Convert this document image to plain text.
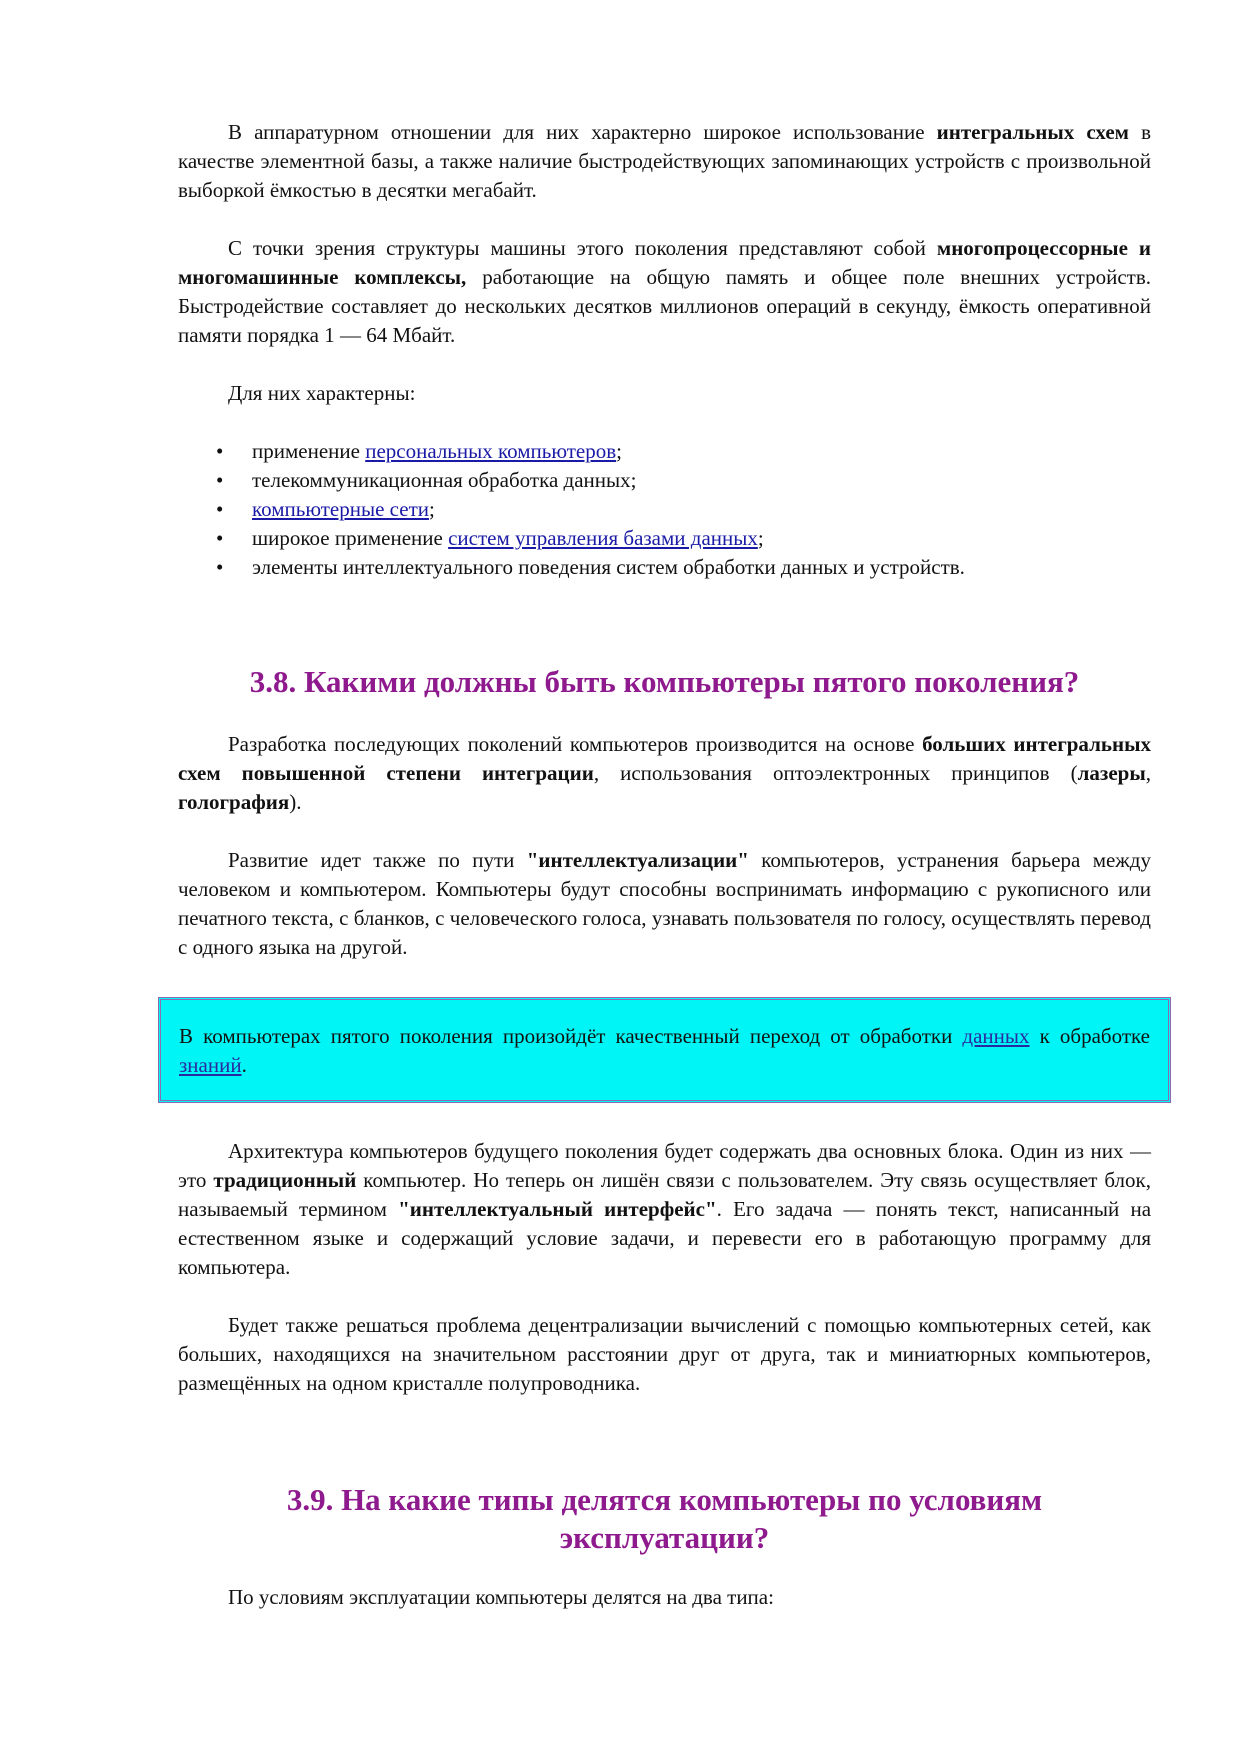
В аппаратурном отношении для них характерно широкое использование интегральных схем в качестве элементной базы, а также наличие быстродействующих запоминающих устройств с произвольной выборкой ёмкостью в десятки мегабайт.

С точки зрения структуры машины этого поколения представляют собой многопроцессорные и многомашинные комплексы, работающие на общую память и общее поле внешних устройств. Быстродействие составляет до нескольких десятков миллионов операций в секунду, ёмкость оперативной памяти порядка 1 — 64 Мбайт.

Для них характерны:

• применение персональных компьютеров;
• телекоммуникационная обработка данных;
• компьютерные сети;
• широкое применение систем управления базами данных;
• элементы интеллектуального поведения систем обработки данных и устройств.
3.8. Какими должны быть компьютеры пятого поколения?

Разработка последующих поколений компьютеров производится на основе больших интегральных схем повышенной степени интеграции, использования оптоэлектронных принципов (лазеры, голография).

Развитие идет также по пути "интеллектуализации" компьютеров, устранения барьера между человеком и компьютером. Компьютеры будут способны воспринимать информацию с рукописного или печатного текста, с бланков, с человеческого голоса, узнавать пользователя по голосу, осуществлять перевод с одного языка на другой.

В компьютерах пятого поколения произойдёт качественный переход от обработки данных к обработке знаний.

Архитектура компьютеров будущего поколения будет содержать два основных блока. Один из них — это традиционный компьютер. Но теперь он лишён связи с пользователем. Эту связь осуществляет блок, называемый термином "интеллектуальный интерфейс". Его задача — понять текст, написанный на естественном языке и содержащий условие задачи, и перевести его в работающую программу для компьютера.

Будет также решаться проблема децентрализации вычислений с помощью компьютерных сетей, как больших, находящихся на значительном расстоянии друг от друга, так и миниатюрных компьютеров, размещённых на одном кристалле полупроводника.

3.9. На какие типы делятся компьютеры по условиям
эксплуатации?

По условиям эксплуатации компьютеры делятся на два типа:
